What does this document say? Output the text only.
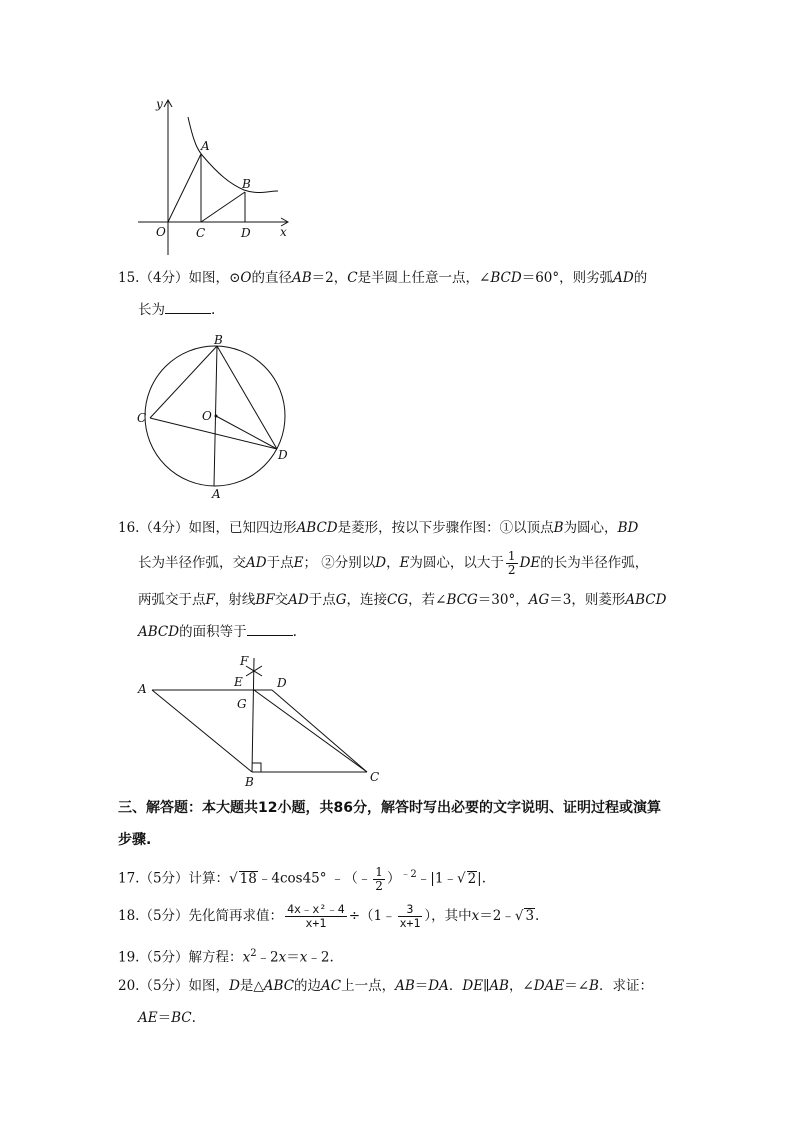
y
x
A
B
O	C	D
15.（4分）如图，⊙O的直径AB＝2，C是半圆上任意一点，∠BCD＝60°，则劣弧AD的
长为	.
B
C	O
D
A
16.（4分）如图，已知四边形ABCD是菱形，按以下步骤作图：①以顶点B为圆心，BD
长为半径作弧，交AD于点E； ②分别以D，E为圆心，以大于 $\frac{1}{2}$ DE的长为半径作弧，
两弧交于点F，射线BF交AD于点G，连接CG，若∠BCG＝30°，AG＝3，则菱形ABCD
ABCD的面积等于	.
F
A	E	D
G
B	C
三、解答题：本大题共12小题，共86分，解答时写出必要的文字说明、证明过程或演算
步骤.
17.（5分）计算：√ 18﹣4cos45° ﹣（﹣ $\frac{1}{2}$ ）$^{﹣2}$﹣|1﹣√ 2|.
18.（5分）先化简再求值： $\frac{\text{4x﹣x²﹣4}}{x+1}$ ÷（1﹣ $\frac{3}{x+1}$ ），其中x＝2﹣√ 3.
19.（5分）解方程：$x^2﹣2x=x﹣2$.
20.（5分）如图，D是△ABC的边AC上一点，AB＝DA．DE∥AB，∠DAE＝∠B．求证：
AE＝BC.
